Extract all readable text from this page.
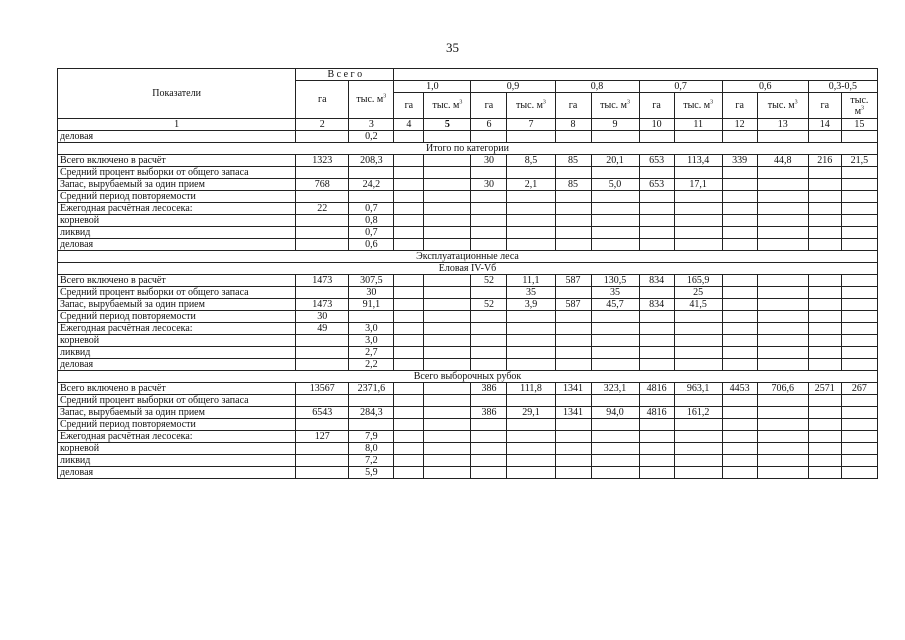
35
Показатели	В с е г о													
	га	тыс. $м^3$	1,0		0,9		0,8		0,7		0,6		0,3-0,5	
			га	тыс. $м^3$	га	тыс. $м^3$	га	тыс. $м^3$	га	тыс. $м^3$	га	тыс. $м^3$	га	тыс.
$м^3$
1	2	3	4	5	6	7	8	9	10	11	12	13	14	15
деловая		0,2												
Итого по категории														
Всего включено в расчёт	1323	208,3			30	8,5	85	20,1	653	113,4	339	44,8	216	21,5
Средний процент выборки от общего запаса														
Запас, вырубаемый за один прием	768	24,2			30	2,1	85	5,0	653	17,1				
Средний период повторяемости														
Ежегодная расчётная лесосека:	22	0,7												
корневой		0,8												
ликвид		0,7												
деловая		0,6												
Эксплуатационные леса														
Еловая IV-Vб														
Всего включено в расчёт	1473	307,5			52	11,1	587	130,5	834	165,9				
Средний процент выборки от общего запаса		30				35		35		25				
Запас, вырубаемый за один прием	1473	91,1			52	3,9	587	45,7	834	41,5				
Средний период повторяемости	30													
Ежегодная расчётная лесосека:	49	3,0												
корневой		3,0												
ликвид		2,7												
деловая		2,2												
Всего выборочных рубок														
Всего включено в расчёт	13567	2371,6			386	111,8	1341	323,1	4816	963,1	4453	706,6	2571	267
Средний процент выборки от общего запаса														
Запас, вырубаемый за один прием	6543	284,3			386	29,1	1341	94,0	4816	161,2				
Средний период повторяемости														
Ежегодная расчётная лесосека:	127	7,9												
корневой		8,0												
ликвид		7,2												
деловая		5,9												
